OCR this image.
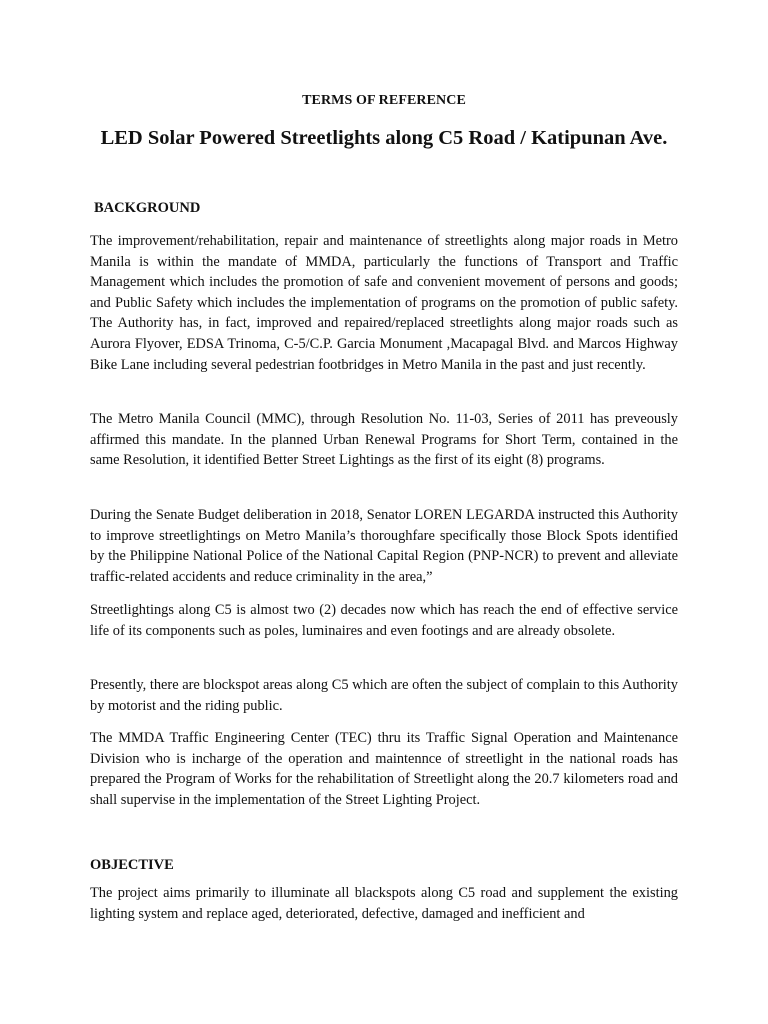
TERMS OF REFERENCE
LED Solar Powered Streetlights along C5 Road / Katipunan Ave.
BACKGROUND

The improvement/rehabilitation, repair and maintenance of streetlights along major roads in Metro Manila is within the mandate of MMDA, particularly the functions of Transport and Traffic Management which includes the promotion of safe and convenient movement of persons and goods; and Public Safety which includes the implementation of programs on the promotion of public safety. The Authority has, in fact, improved and repaired/replaced streetlights along major roads such as Aurora Flyover, EDSA Trinoma, C-5/C.P. Garcia Monument ,Macapagal Blvd. and Marcos Highway Bike Lane including several pedestrian footbridges in Metro Manila in the past and just recently.

The Metro Manila Council (MMC), through Resolution No. 11-03, Series of 2011 has preveously affirmed this mandate. In the planned Urban Renewal Programs for Short Term, contained in the same Resolution, it identified Better Street Lightings as the first of its eight (8) programs.

During the Senate Budget deliberation in 2018, Senator LOREN LEGARDA instructed this Authority to improve streetlightings on Metro Manila’s thoroughfare specifically those Block Spots identified by the Philippine National Police of the National Capital Region (PNP-NCR) to prevent and alleviate traffic-related accidents and reduce criminality in the area,”

Streetlightings along C5 is almost two (2) decades now which has reach the end of effective service life of its components such as poles, luminaires and even footings and are already obsolete.

Presently, there are blockspot areas along C5 which are often the subject of complain to this Authority by motorist and the riding public.

The MMDA Traffic Engineering Center (TEC) thru its Traffic Signal Operation and Maintenance Division who is incharge of the operation and maintennce of streetlight in the national roads has prepared the Program of Works for the rehabilitation of Streetlight along the 20.7 kilometers road and shall supervise in the implementation of the Street Lighting Project.

OBJECTIVE

The project aims primarily to illuminate all blackspots along C5 road and supplement the existing lighting system and replace aged, deteriorated, defective, damaged and inefficient and
